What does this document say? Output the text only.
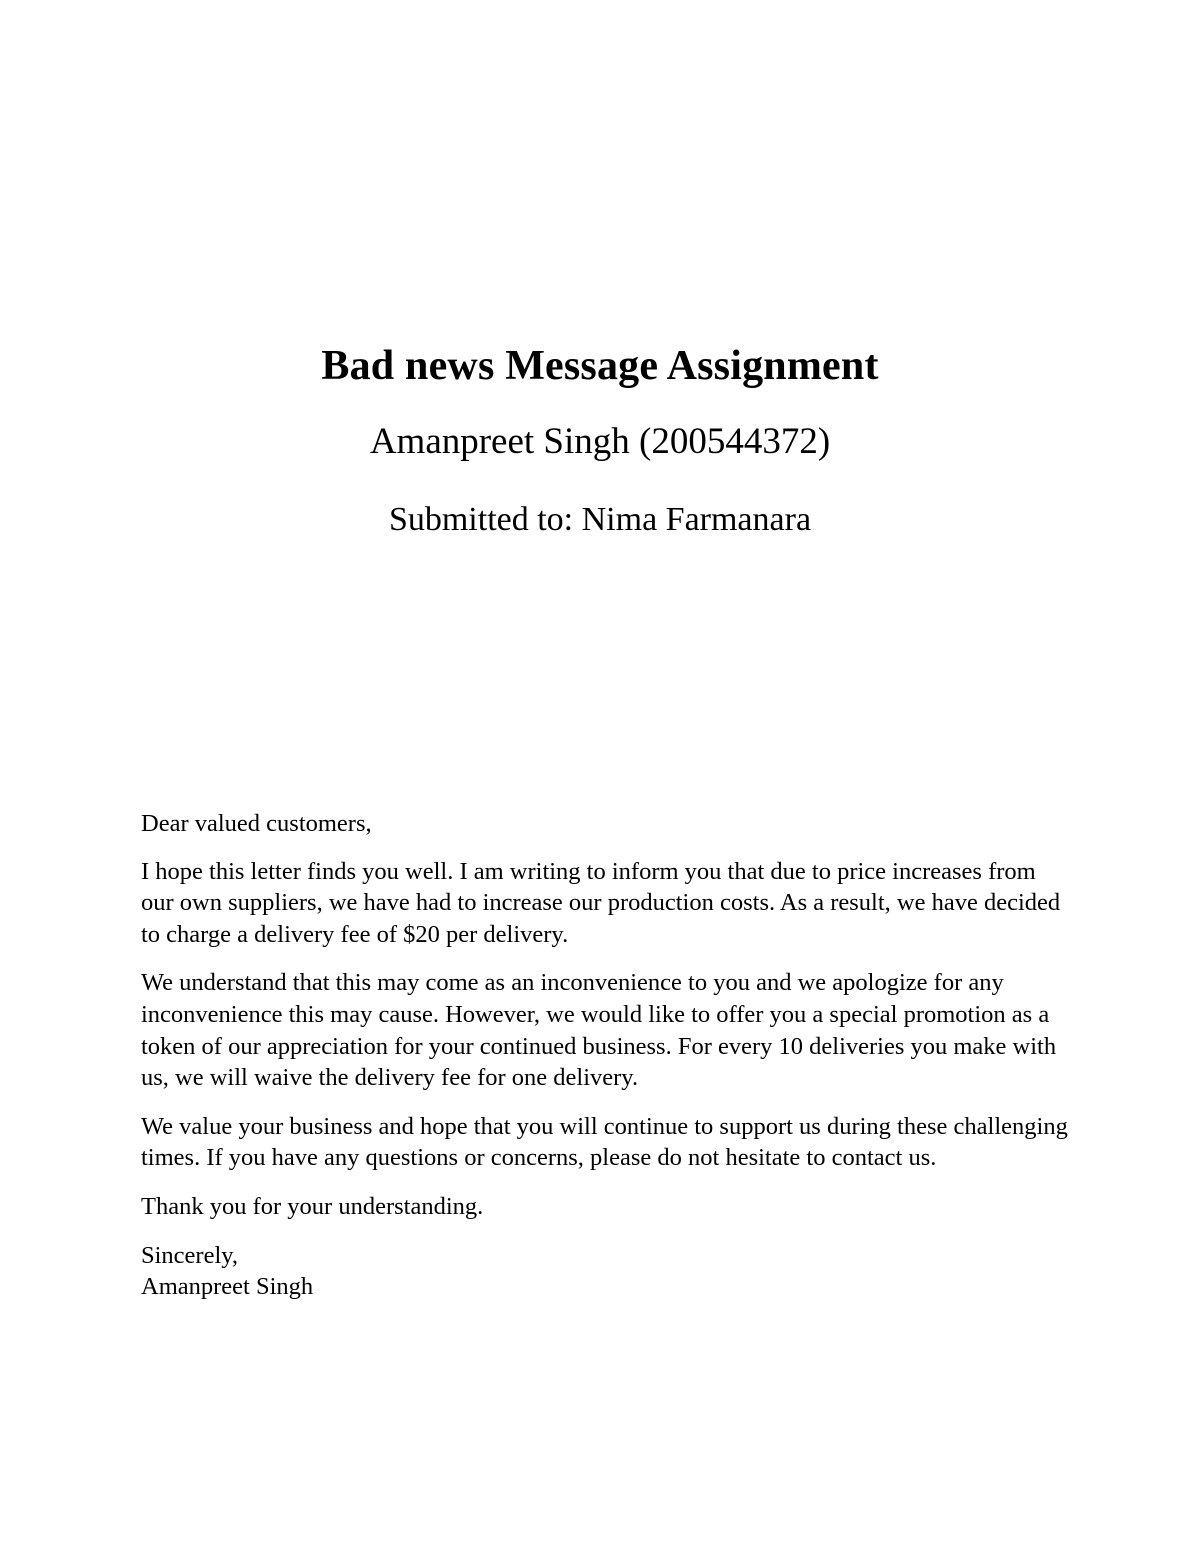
Bad news Message Assignment
Amanpreet Singh (200544372)
Submitted to: Nima Farmanara

Dear valued customers,

I hope this letter finds you well. I am writing to inform you that due to price increases from our own suppliers, we have had to increase our production costs. As a result, we have decided to charge a delivery fee of $20 per delivery.

We understand that this may come as an inconvenience to you and we apologize for any inconvenience this may cause. However, we would like to offer you a special promotion as a token of our appreciation for your continued business. For every 10 deliveries you make with us, we will waive the delivery fee for one delivery.

We value your business and hope that you will continue to support us during these challenging times. If you have any questions or concerns, please do not hesitate to contact us.

Thank you for your understanding.

Sincerely,
Amanpreet Singh
